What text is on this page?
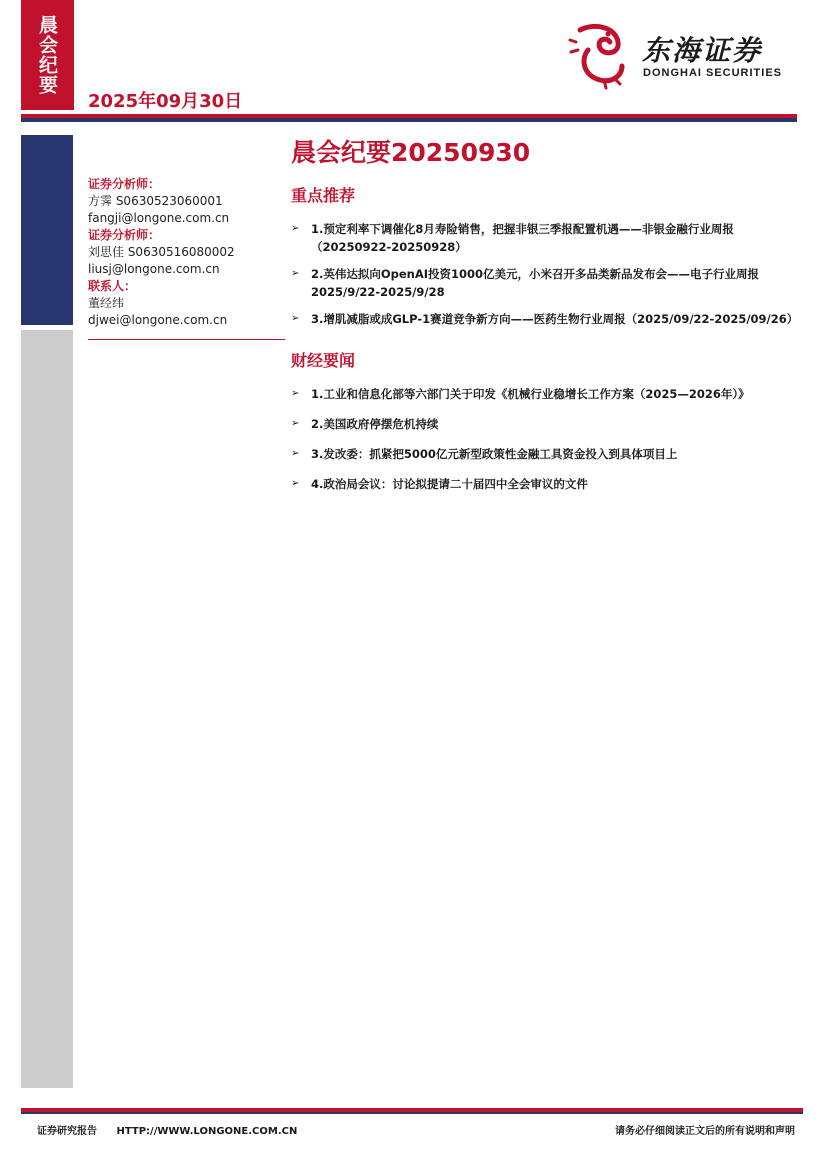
晨会纪要
2025年09月30日
东海证券
DONGHAI SECURITIES
证券分析师：
方霁 S0630523060001
fangji@longone.com.cn
证券分析师：
刘思佳 S0630516080002
liusj@longone.com.cn
联系人：
董经纬
djwei@longone.com.cn
晨会纪要20250930
重点推荐
➢ 1.预定利率下调催化8月寿险销售，把握非银三季报配置机遇——非银金融行业周报（20250922-20250928）
➢ 2.英伟达拟向OpenAI投资1000亿美元，小米召开多品类新品发布会——电子行业周报2025/9/22-2025/9/28
➢ 3.增肌减脂或成GLP-1赛道竞争新方向——医药生物行业周报（2025/09/22-2025/09/26）
财经要闻
➢ 1.工业和信息化部等六部门关于印发《机械行业稳增长工作方案（2025—2026年）》
➢ 2.美国政府停摆危机持续
➢ 3.发改委：抓紧把5000亿元新型政策性金融工具资金投入到具体项目上
➢ 4.政治局会议：讨论拟提请二十届四中全会审议的文件
证券研究报告 HTTP://WWW.LONGONE.COM.CN	请务必仔细阅读正文后的所有说明和声明
